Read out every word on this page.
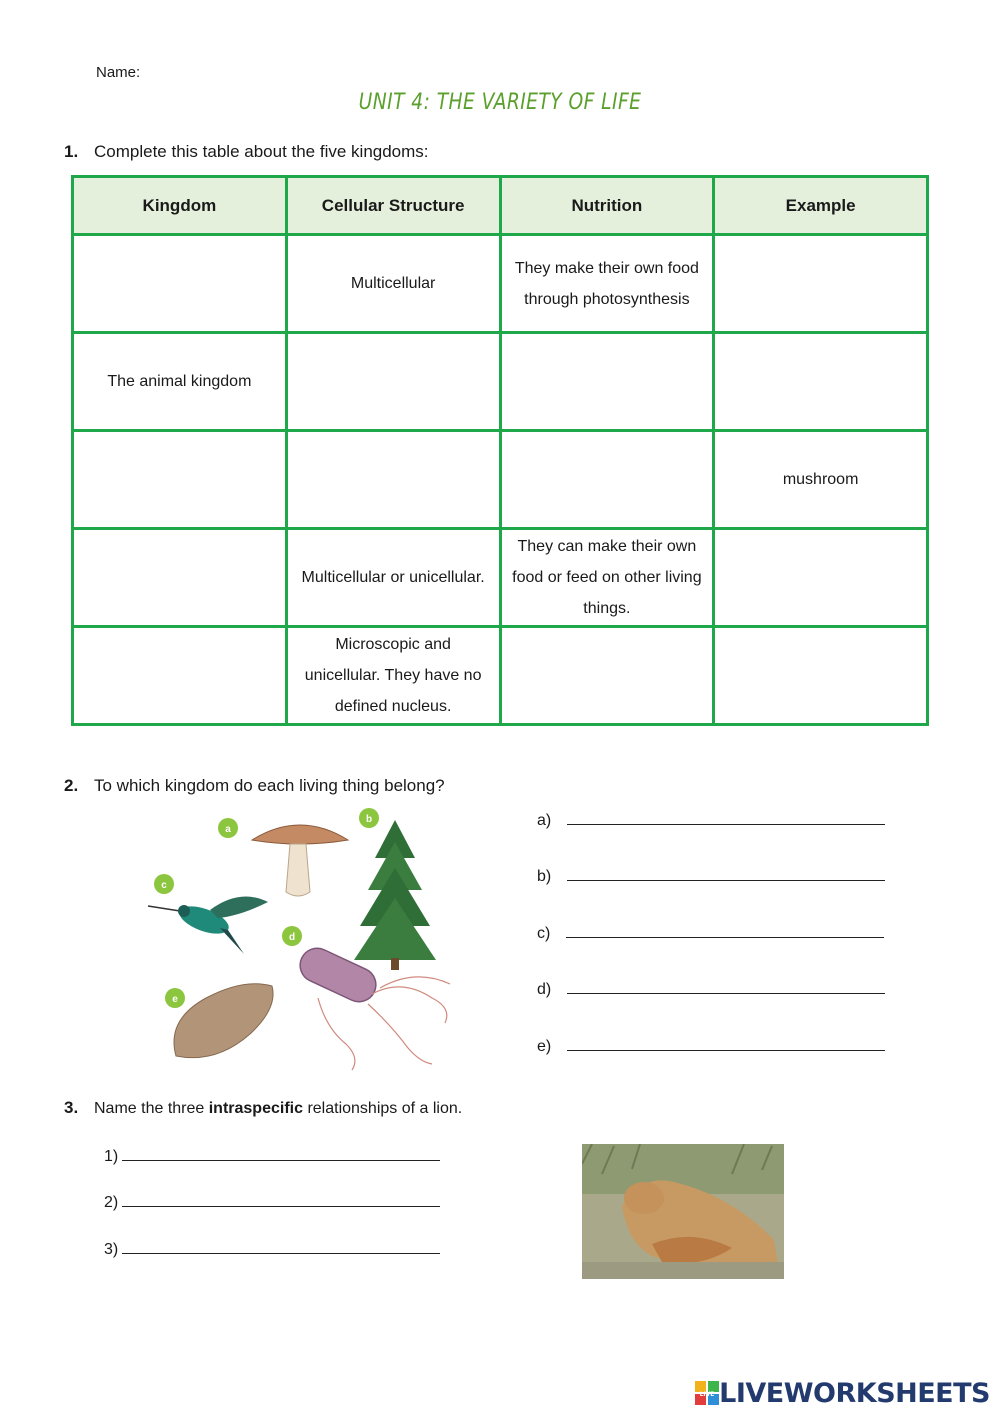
Name:
UNIT 4: THE VARIETY OF LIFE
1. Complete this table about the five kingdoms:
Kingdom	Cellular Structure	Nutrition	Example
	Multicellular	They make their own food through photosynthesis	
The animal kingdom			
			mushroom
	Multicellular or unicellular.	They can make their own food or feed on other living things.	
	Microscopic and unicellular. They have no defined nucleus.		
2. To which kingdom do each living thing belong?
a
b
c
d
e
a)
b)
c)
d)
e)
3. Name the three intraspecific relationships of a lion.
1)
2)
3)
LIVE LIVEWORKSHEETS
